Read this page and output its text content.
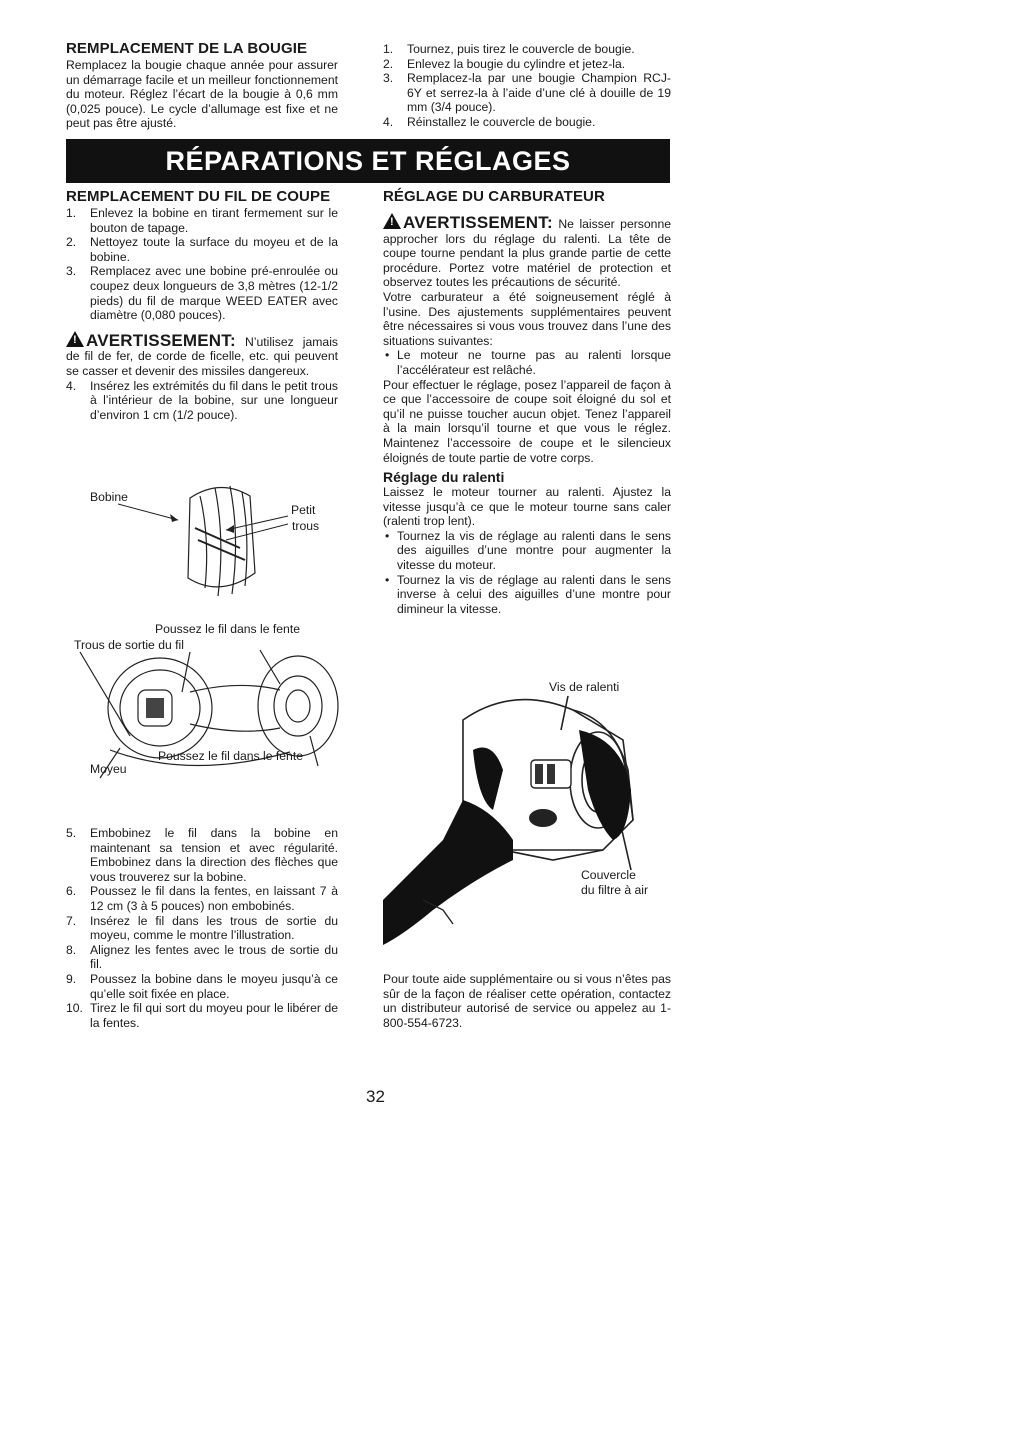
REMPLACEMENT DE LA BOUGIE

Remplacez la bougie chaque année pour assurer un démarrage facile et un meilleur fonctionnement du moteur. Réglez l’écart de la bougie à 0,6 mm (0,025 pouce). Le cycle d’allumage est fixe et ne peut pas être ajusté.

1.	Tournez, puis tirez le couvercle de bougie.
2.	Enlevez la bougie du cylindre et jetez-la.
3.	Remplacez-la par une bougie Champion RCJ-6Y et serrez-la à l’aide d’une clé à douille de 19 mm (3/4 pouce).
4.	Réinstallez le couvercle de bougie.
RÉPARATIONS ET RÉGLAGES
REMPLACEMENT DU FIL DE COUPE
1.	Enlevez la bobine en tirant fermement sur le bouton de tapage.
2.	Nettoyez toute la surface du moyeu et de la bobine.
3.	Remplacez avec une bobine pré-enroulée ou coupez deux longueurs de 3,8 mètres (12-1/2 pieds) du fil de marque WEED EATER avec diamètre (0,080 pouces).

! AVERTISSEMENT: N’utilisez jamais de fil de fer, de corde de ficelle, etc. qui peuvent se casser et devenir des missiles dangereux.

4.	Insérez les extrémités du fil dans le petit trous à l’intérieur de la bobine, sur une longueur d’environ 1 cm (1/2 pouce).
Bobine
Petit
trous
Poussez le fil dans le fente
Trous de sortie du fil
Poussez le fil dans le fente
Moyeu
5.	Embobinez le fil dans la bobine en maintenant sa tension et avec régularité. Embobinez dans la direction des flèches que vous trouverez sur la bobine.
6.	Poussez le fil dans la fentes, en laissant 7 à 12 cm (3 à 5 pouces) non embobinés.
7.	Insérez le fil dans les trous de sortie du moyeu, comme le montre l’illustration.
8.	Alignez les fentes avec le trous de sortie du fil.
9.	Poussez la bobine dans le moyeu jusqu’à ce qu’elle soit fixée en place.
10. Tirez le fil qui sort du moyeu pour le libérer de la fentes.
RÉGLAGE DU CARBURATEUR

! AVERTISSEMENT: Ne laisser personne approcher lors du réglage du ralenti. La tête de coupe tourne pendant la plus grande partie de cette procédure. Portez votre matériel de protection et observez toutes les précautions de sécurité.

Votre carburateur a été soigneusement réglé à l’usine. Des ajustements supplémentaires peuvent être nécessaires si vous vous trouvez dans l’une des situations suivantes:

• Le moteur ne tourne pas au ralenti lorsque l’accélérateur est relâché.

Pour effectuer le réglage, posez l’appareil de façon à ce que l’accessoire de coupe soit éloigné du sol et qu’il ne puisse toucher aucun objet. Tenez l’appareil à la main lorsqu’il tourne et que vous le réglez. Maintenez l’accessoire de coupe et le silencieux éloignés de toute partie de votre corps.

Réglage du ralenti

Laissez le moteur tourner au ralenti. Ajustez la vitesse jusqu’à ce que le moteur tourne sans caler (ralenti trop lent).

• Tournez la vis de réglage au ralenti dans le sens des aiguilles d’une montre pour augmenter la vitesse du moteur.
• Tournez la vis de réglage au ralenti dans le sens inverse à celui des aiguilles d’une montre pour dimineur la vitesse.
Vis de ralenti
Couvercle
du filtre à air

Pour toute aide supplémentaire ou si vous n’êtes pas sûr de la façon de réaliser cette opération, contactez un distributeur autorisé de service ou appelez au 1-800-554-6723.

32
